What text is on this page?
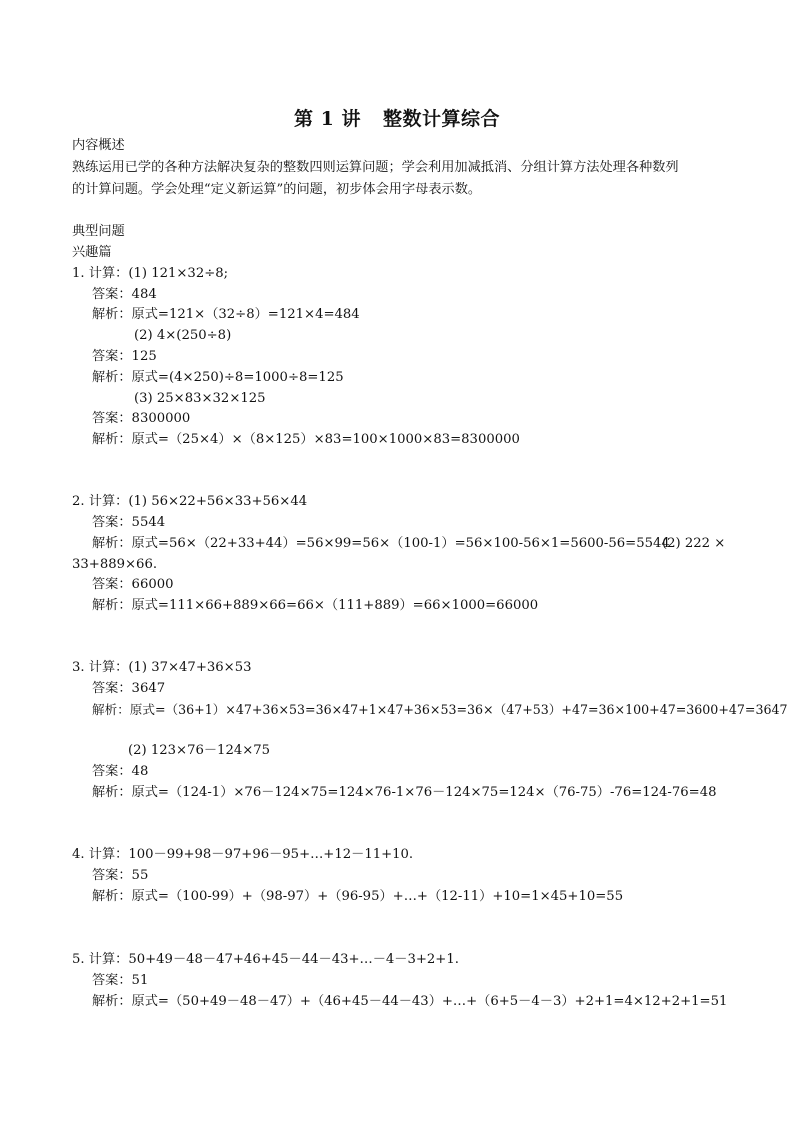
第 1 讲 整数计算综合
内容概述
熟练运用已学的各种方法解决复杂的整数四则运算问题；学会利用加减抵消、分组计算方法处理各种数列
的计算问题。学会处理“定义新运算”的问题，初步体会用字母表示数。
典型问题
兴趣篇
1. 计算：(1) 121×32÷8;
答案：484
解析：原式=121×（32÷8）=121×4=484
(2) 4×(250÷8)
答案：125
解析：原式=(4×250)÷8=1000÷8=125
(3) 25×83×32×125
答案：8300000
解析：原式=（25×4）×（8×125）×83=100×1000×83=8300000
2. 计算：(1) 56×22+56×33+56×44
答案：5544
解析：原式=56×（22+33+44）=56×99=56×（100-1）=56×100-56×1=5600-56=5544
(2) 222 ×
33+889×66.
答案：66000
解析：原式=111×66+889×66=66×（111+889）=66×1000=66000
3. 计算：(1) 37×47+36×53
答案：3647
解析：原式=（36+1）×47+36×53=36×47+1×47+36×53=36×（47+53）+47=36×100+47=3600+47=3647
(2) 123×76－124×75
答案：48
解析：原式=（124-1）×76－124×75=124×76-1×76－124×75=124×（76-75）-76=124-76=48
4. 计算：100－99+98－97+96－95+…+12－11+10.
答案：55
解析：原式=（100-99）+（98-97）+（96-95）+…+（12-11）+10=1×45+10=55
5. 计算：50+49－48－47+46+45－44－43+…－4－3+2+1.
答案：51
解析：原式=（50+49－48－47）+（46+45－44－43）+…+（6+5－4－3）+2+1=4×12+2+1=51
